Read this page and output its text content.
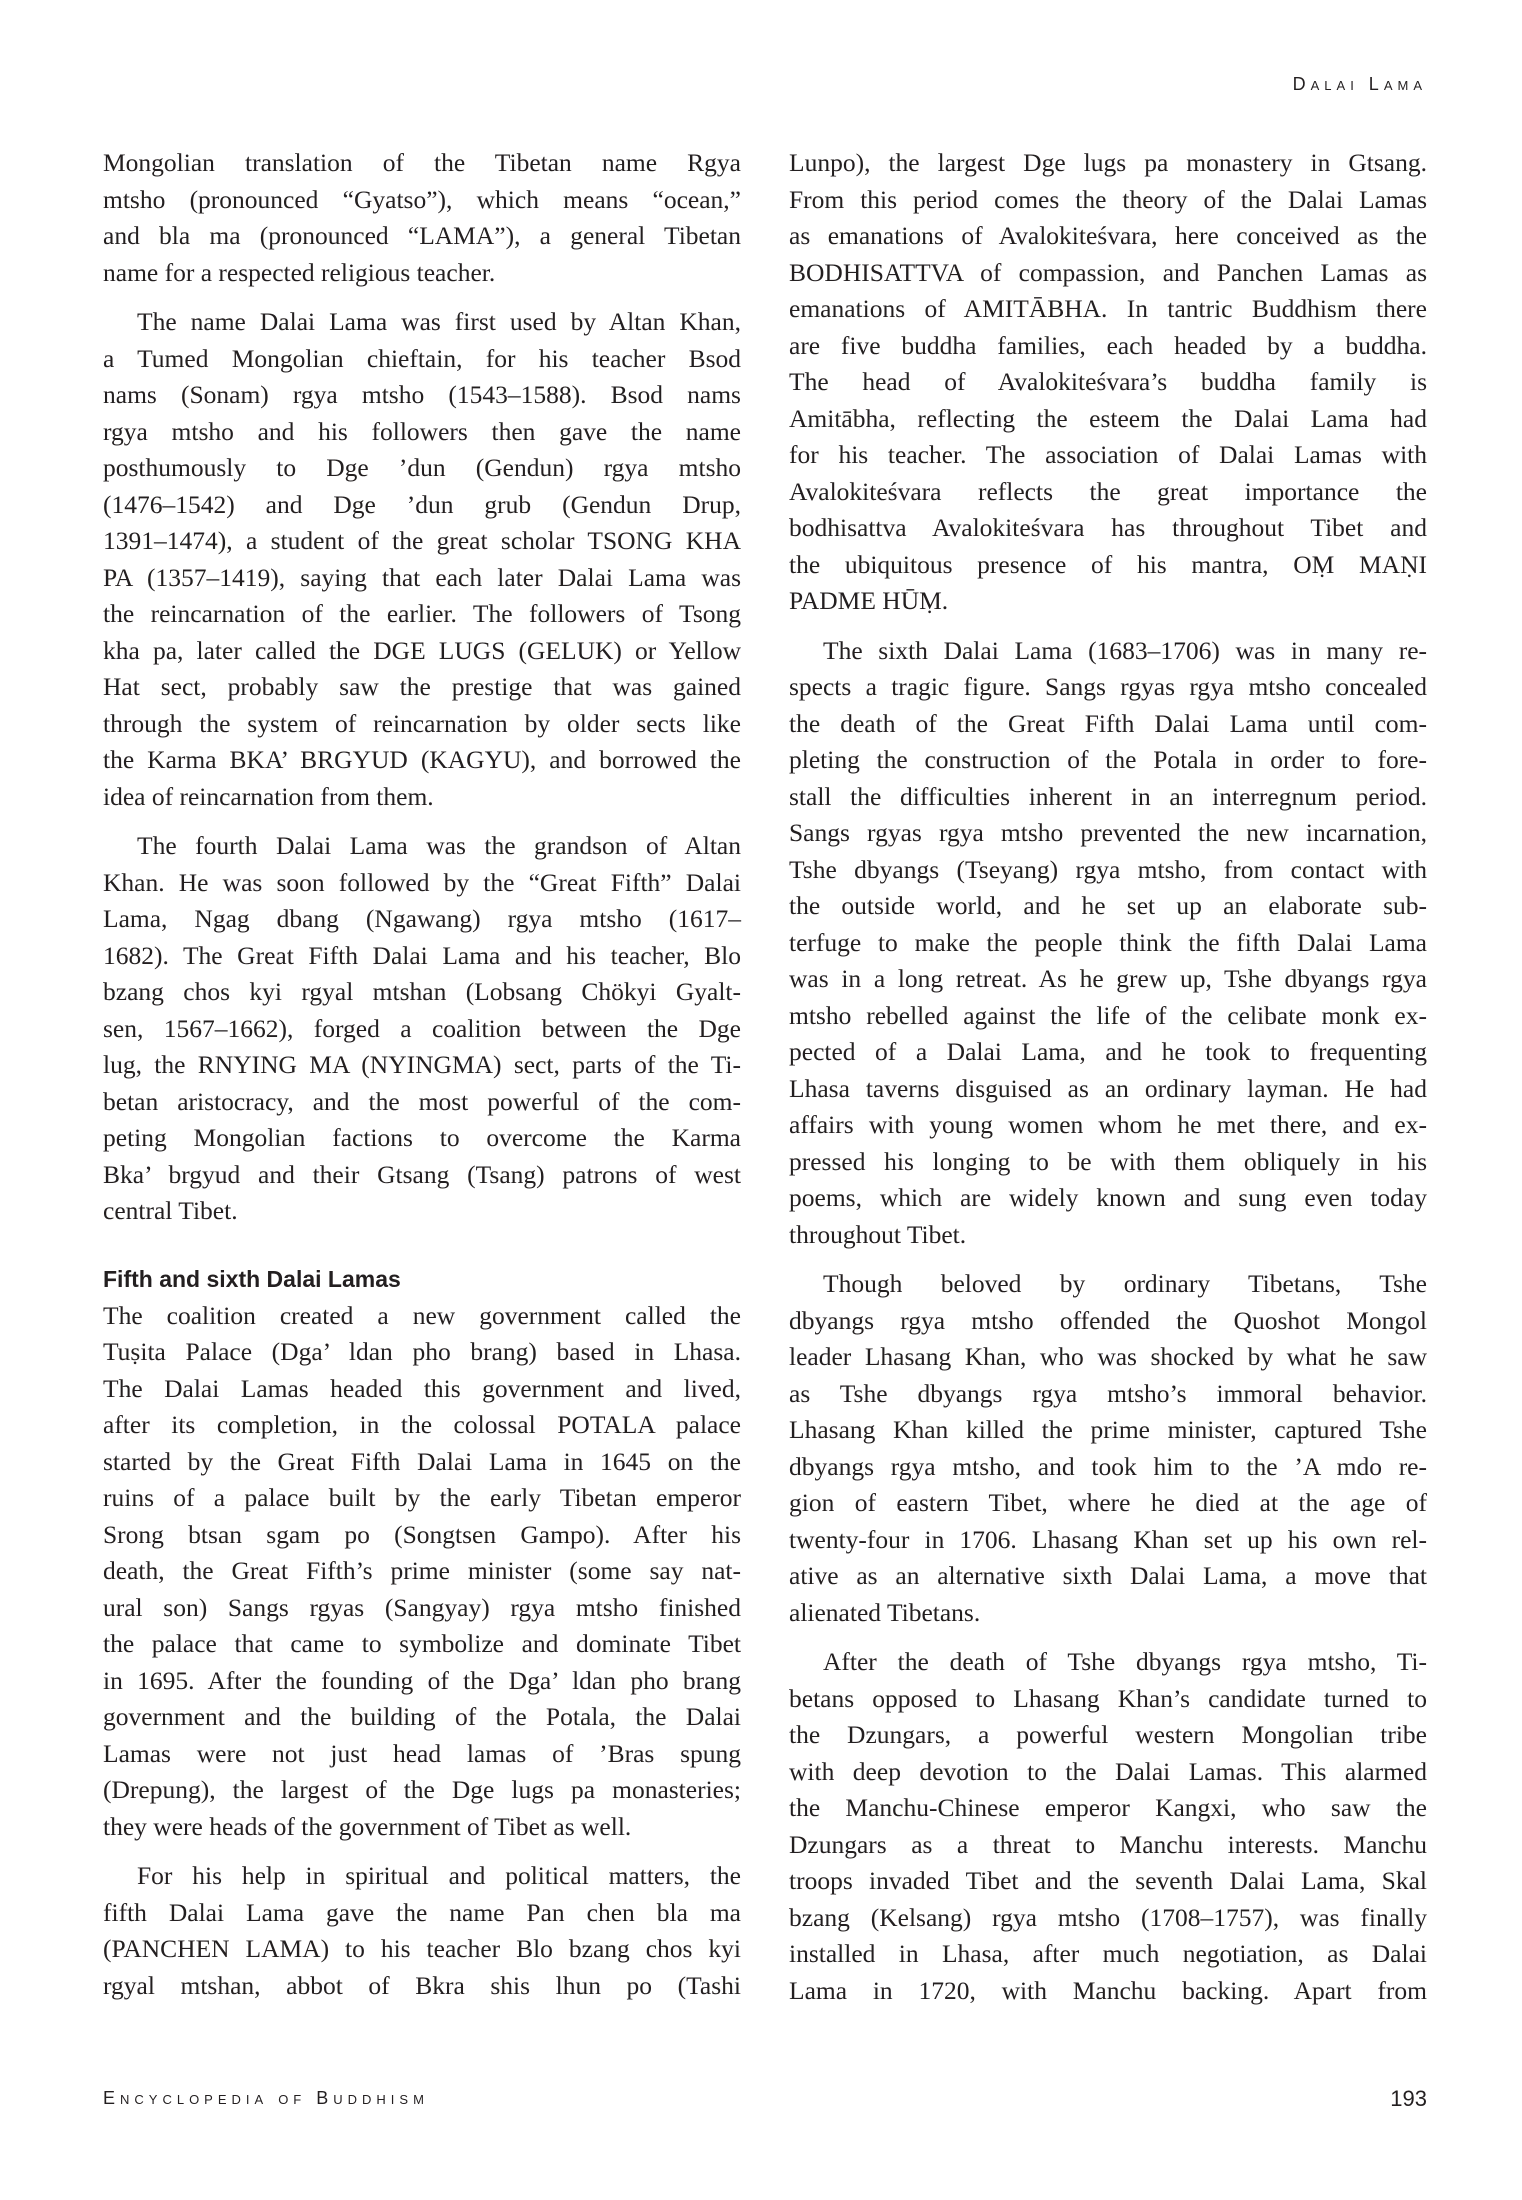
Dalai Lama
Mongolian translation of the Tibetan name Rgya
mtsho (pronounced “Gyatso”), which means “ocean,”
and bla ma (pronounced “LAMA”), a general Tibetan
name for a respected religious teacher.
The name Dalai Lama was first used by Altan Khan,
a Tumed Mongolian chieftain, for his teacher Bsod
nams (Sonam) rgya mtsho (1543–1588). Bsod nams
rgya mtsho and his followers then gave the name
posthumously to Dge ’dun (Gendun) rgya mtsho
(1476–1542) and Dge ’dun grub (Gendun Drup,
1391–1474), a student of the great scholar TSONG KHA
PA (1357–1419), saying that each later Dalai Lama was
the reincarnation of the earlier. The followers of Tsong
kha pa, later called the DGE LUGS (GELUK) or Yellow
Hat sect, probably saw the prestige that was gained
through the system of reincarnation by older sects like
the Karma BKA’ BRGYUD (KAGYU), and borrowed the
idea of reincarnation from them.
The fourth Dalai Lama was the grandson of Altan
Khan. He was soon followed by the “Great Fifth” Dalai
Lama, Ngag dbang (Ngawang) rgya mtsho (1617–
1682). The Great Fifth Dalai Lama and his teacher, Blo
bzang chos kyi rgyal mtshan (Lobsang Chökyi Gyalt-
sen, 1567–1662), forged a coalition between the Dge
lug, the RNYING MA (NYINGMA) sect, parts of the Ti-
betan aristocracy, and the most powerful of the com-
peting Mongolian factions to overcome the Karma
Bka’ brgyud and their Gtsang (Tsang) patrons of west
central Tibet.
Fifth and sixth Dalai Lamas
The coalition created a new government called the
Tuṣita Palace (Dga’ ldan pho brang) based in Lhasa.
The Dalai Lamas headed this government and lived,
after its completion, in the colossal POTALA palace
started by the Great Fifth Dalai Lama in 1645 on the
ruins of a palace built by the early Tibetan emperor
Srong btsan sgam po (Songtsen Gampo). After his
death, the Great Fifth’s prime minister (some say nat-
ural son) Sangs rgyas (Sangyay) rgya mtsho finished
the palace that came to symbolize and dominate Tibet
in 1695. After the founding of the Dga’ ldan pho brang
government and the building of the Potala, the Dalai
Lamas were not just head lamas of ’Bras spung
(Drepung), the largest of the Dge lugs pa monasteries;
they were heads of the government of Tibet as well.
For his help in spiritual and political matters, the
fifth Dalai Lama gave the name Pan chen bla ma
(PANCHEN LAMA) to his teacher Blo bzang chos kyi
rgyal mtshan, abbot of Bkra shis lhun po (Tashi
Lunpo), the largest Dge lugs pa monastery in Gtsang.
From this period comes the theory of the Dalai Lamas
as emanations of Avalokiteśvara, here conceived as the
BODHISATTVA of compassion, and Panchen Lamas as
emanations of AMITĀBHA. In tantric Buddhism there
are five buddha families, each headed by a buddha.
The head of Avalokiteśvara’s buddha family is
Amitābha, reflecting the esteem the Dalai Lama had
for his teacher. The association of Dalai Lamas with
Avalokiteśvara reflects the great importance the
bodhisattva Avalokiteśvara has throughout Tibet and
the ubiquitous presence of his mantra, OṂ MAṆI
PADME HŪṂ.
The sixth Dalai Lama (1683–1706) was in many re-
spects a tragic figure. Sangs rgyas rgya mtsho concealed
the death of the Great Fifth Dalai Lama until com-
pleting the construction of the Potala in order to fore-
stall the difficulties inherent in an interregnum period.
Sangs rgyas rgya mtsho prevented the new incarnation,
Tshe dbyangs (Tseyang) rgya mtsho, from contact with
the outside world, and he set up an elaborate sub-
terfuge to make the people think the fifth Dalai Lama
was in a long retreat. As he grew up, Tshe dbyangs rgya
mtsho rebelled against the life of the celibate monk ex-
pected of a Dalai Lama, and he took to frequenting
Lhasa taverns disguised as an ordinary layman. He had
affairs with young women whom he met there, and ex-
pressed his longing to be with them obliquely in his
poems, which are widely known and sung even today
throughout Tibet.
Though beloved by ordinary Tibetans, Tshe
dbyangs rgya mtsho offended the Quoshot Mongol
leader Lhasang Khan, who was shocked by what he saw
as Tshe dbyangs rgya mtsho’s immoral behavior.
Lhasang Khan killed the prime minister, captured Tshe
dbyangs rgya mtsho, and took him to the ’A mdo re-
gion of eastern Tibet, where he died at the age of
twenty-four in 1706. Lhasang Khan set up his own rel-
ative as an alternative sixth Dalai Lama, a move that
alienated Tibetans.
After the death of Tshe dbyangs rgya mtsho, Ti-
betans opposed to Lhasang Khan’s candidate turned to
the Dzungars, a powerful western Mongolian tribe
with deep devotion to the Dalai Lamas. This alarmed
the Manchu-Chinese emperor Kangxi, who saw the
Dzungars as a threat to Manchu interests. Manchu
troops invaded Tibet and the seventh Dalai Lama, Skal
bzang (Kelsang) rgya mtsho (1708–1757), was finally
installed in Lhasa, after much negotiation, as Dalai
Lama in 1720, with Manchu backing. Apart from
Encyclopedia of Buddhism	193
